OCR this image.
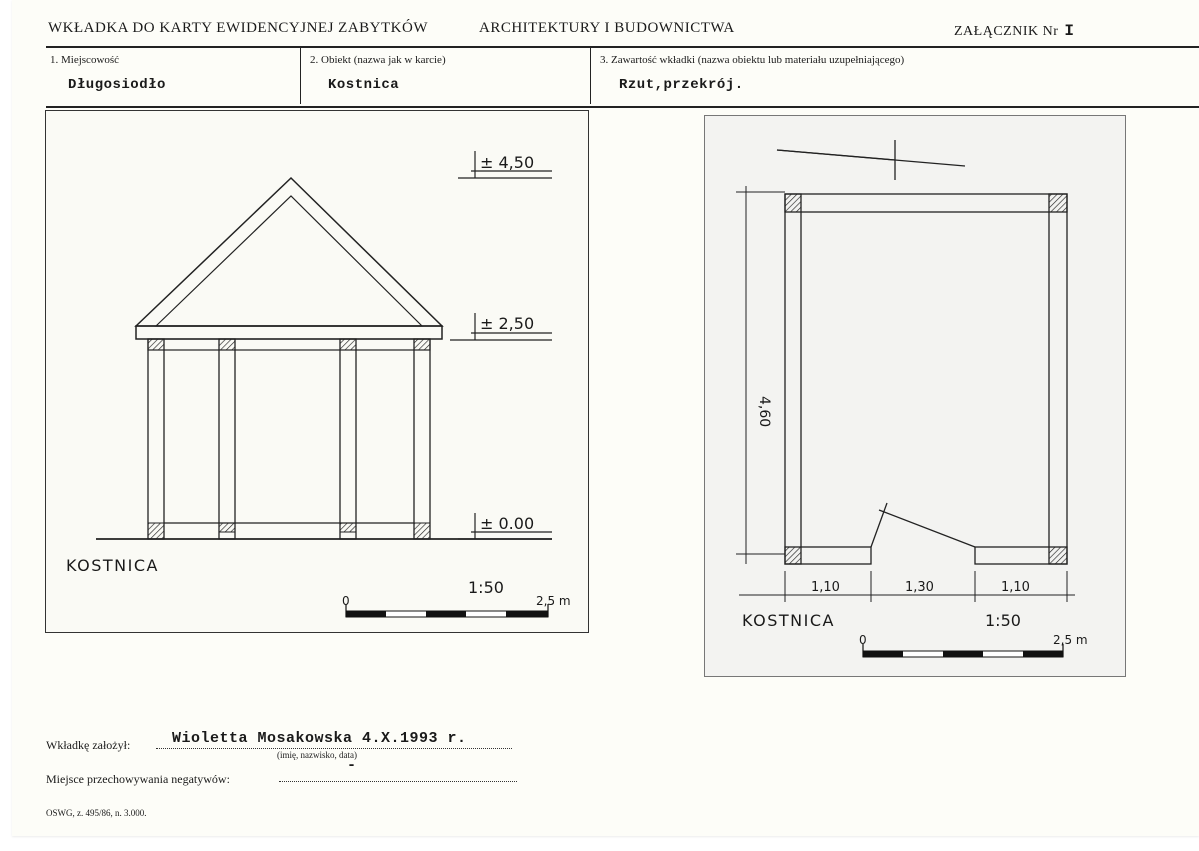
WKŁADKA DO KARTY EWIDENCYJNEJ ZABYTKÓW	ARCHITEKTURY I BUDOWNICTWA	ZAŁĄCZNIK Nr I
1. Miejscowość
Długosiodło
2. Obiekt (nazwa jak w karcie)
Kostnica
3. Zawartość wkładki (nazwa obiektu lub materiału uzupełniającego)
Rzut,przekrój.
± 4,50
± 2,50
± 0.00
KOSTNICA
1:50
0	2,5 m
4,60
1,10	1,30	1,10
KOSTNICA	1:50
0	2,5 m
Wkładkę założył:	Wioletta Mosakowska 4.X.1993 r.
(imię, nazwisko, data)
Miejsce przechowywania negatywów:
-
OSWG, z. 495/86, n. 3.000.
